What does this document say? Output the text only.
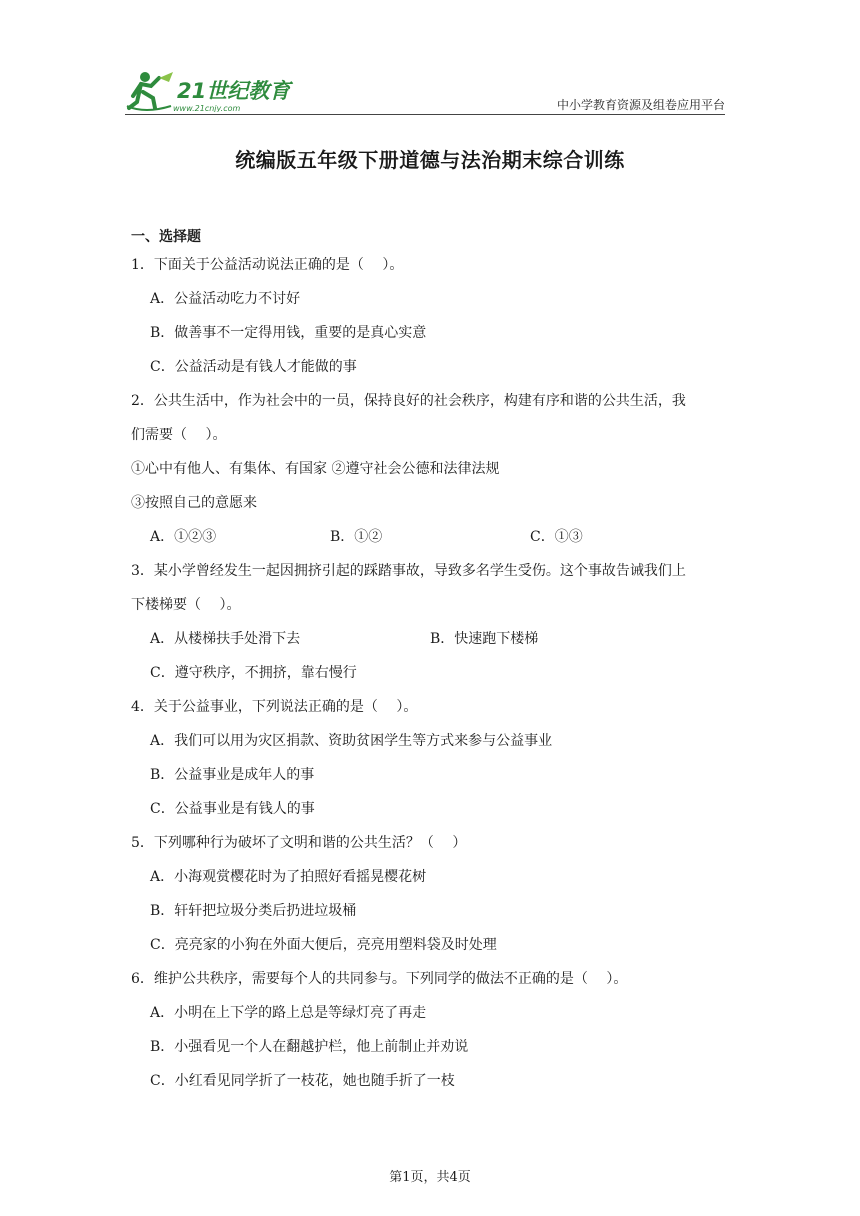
21世纪教育
www.21cnjy.com	中小学教育资源及组卷应用平台
统编版五年级下册道德与法治期末综合训练
一、选择题
1．下面关于公益活动说法正确的是（　 ）。
A．公益活动吃力不讨好
B．做善事不一定得用钱，重要的是真心实意
C．公益活动是有钱人才能做的事
2．公共生活中，作为社会中的一员，保持良好的社会秩序，构建有序和谐的公共生活，我
们需要（　 ）。
①心中有他人、有集体、有国家 ②遵守社会公德和法律法规
③按照自己的意愿来
A．①②③	B．①②	C．①③
3．某小学曾经发生一起因拥挤引起的踩踏事故，导致多名学生受伤。这个事故告诫我们上
下楼梯要（　 ）。
A．从楼梯扶手处滑下去	B．快速跑下楼梯
C．遵守秩序，不拥挤，靠右慢行
4．关于公益事业，下列说法正确的是（　 ）。
A．我们可以用为灾区捐款、资助贫困学生等方式来参与公益事业
B．公益事业是成年人的事
C．公益事业是有钱人的事
5．下列哪种行为破坏了文明和谐的公共生活？（　 ）
A．小海观赏樱花时为了拍照好看摇晃樱花树
B．轩轩把垃圾分类后扔进垃圾桶
C．亮亮家的小狗在外面大便后，亮亮用塑料袋及时处理
6．维护公共秩序，需要每个人的共同参与。下列同学的做法不正确的是（　 ）。
A．小明在上下学的路上总是等绿灯亮了再走
B．小强看见一个人在翻越护栏，他上前制止并劝说
C．小红看见同学折了一枝花，她也随手折了一枝
第1页，共4页
